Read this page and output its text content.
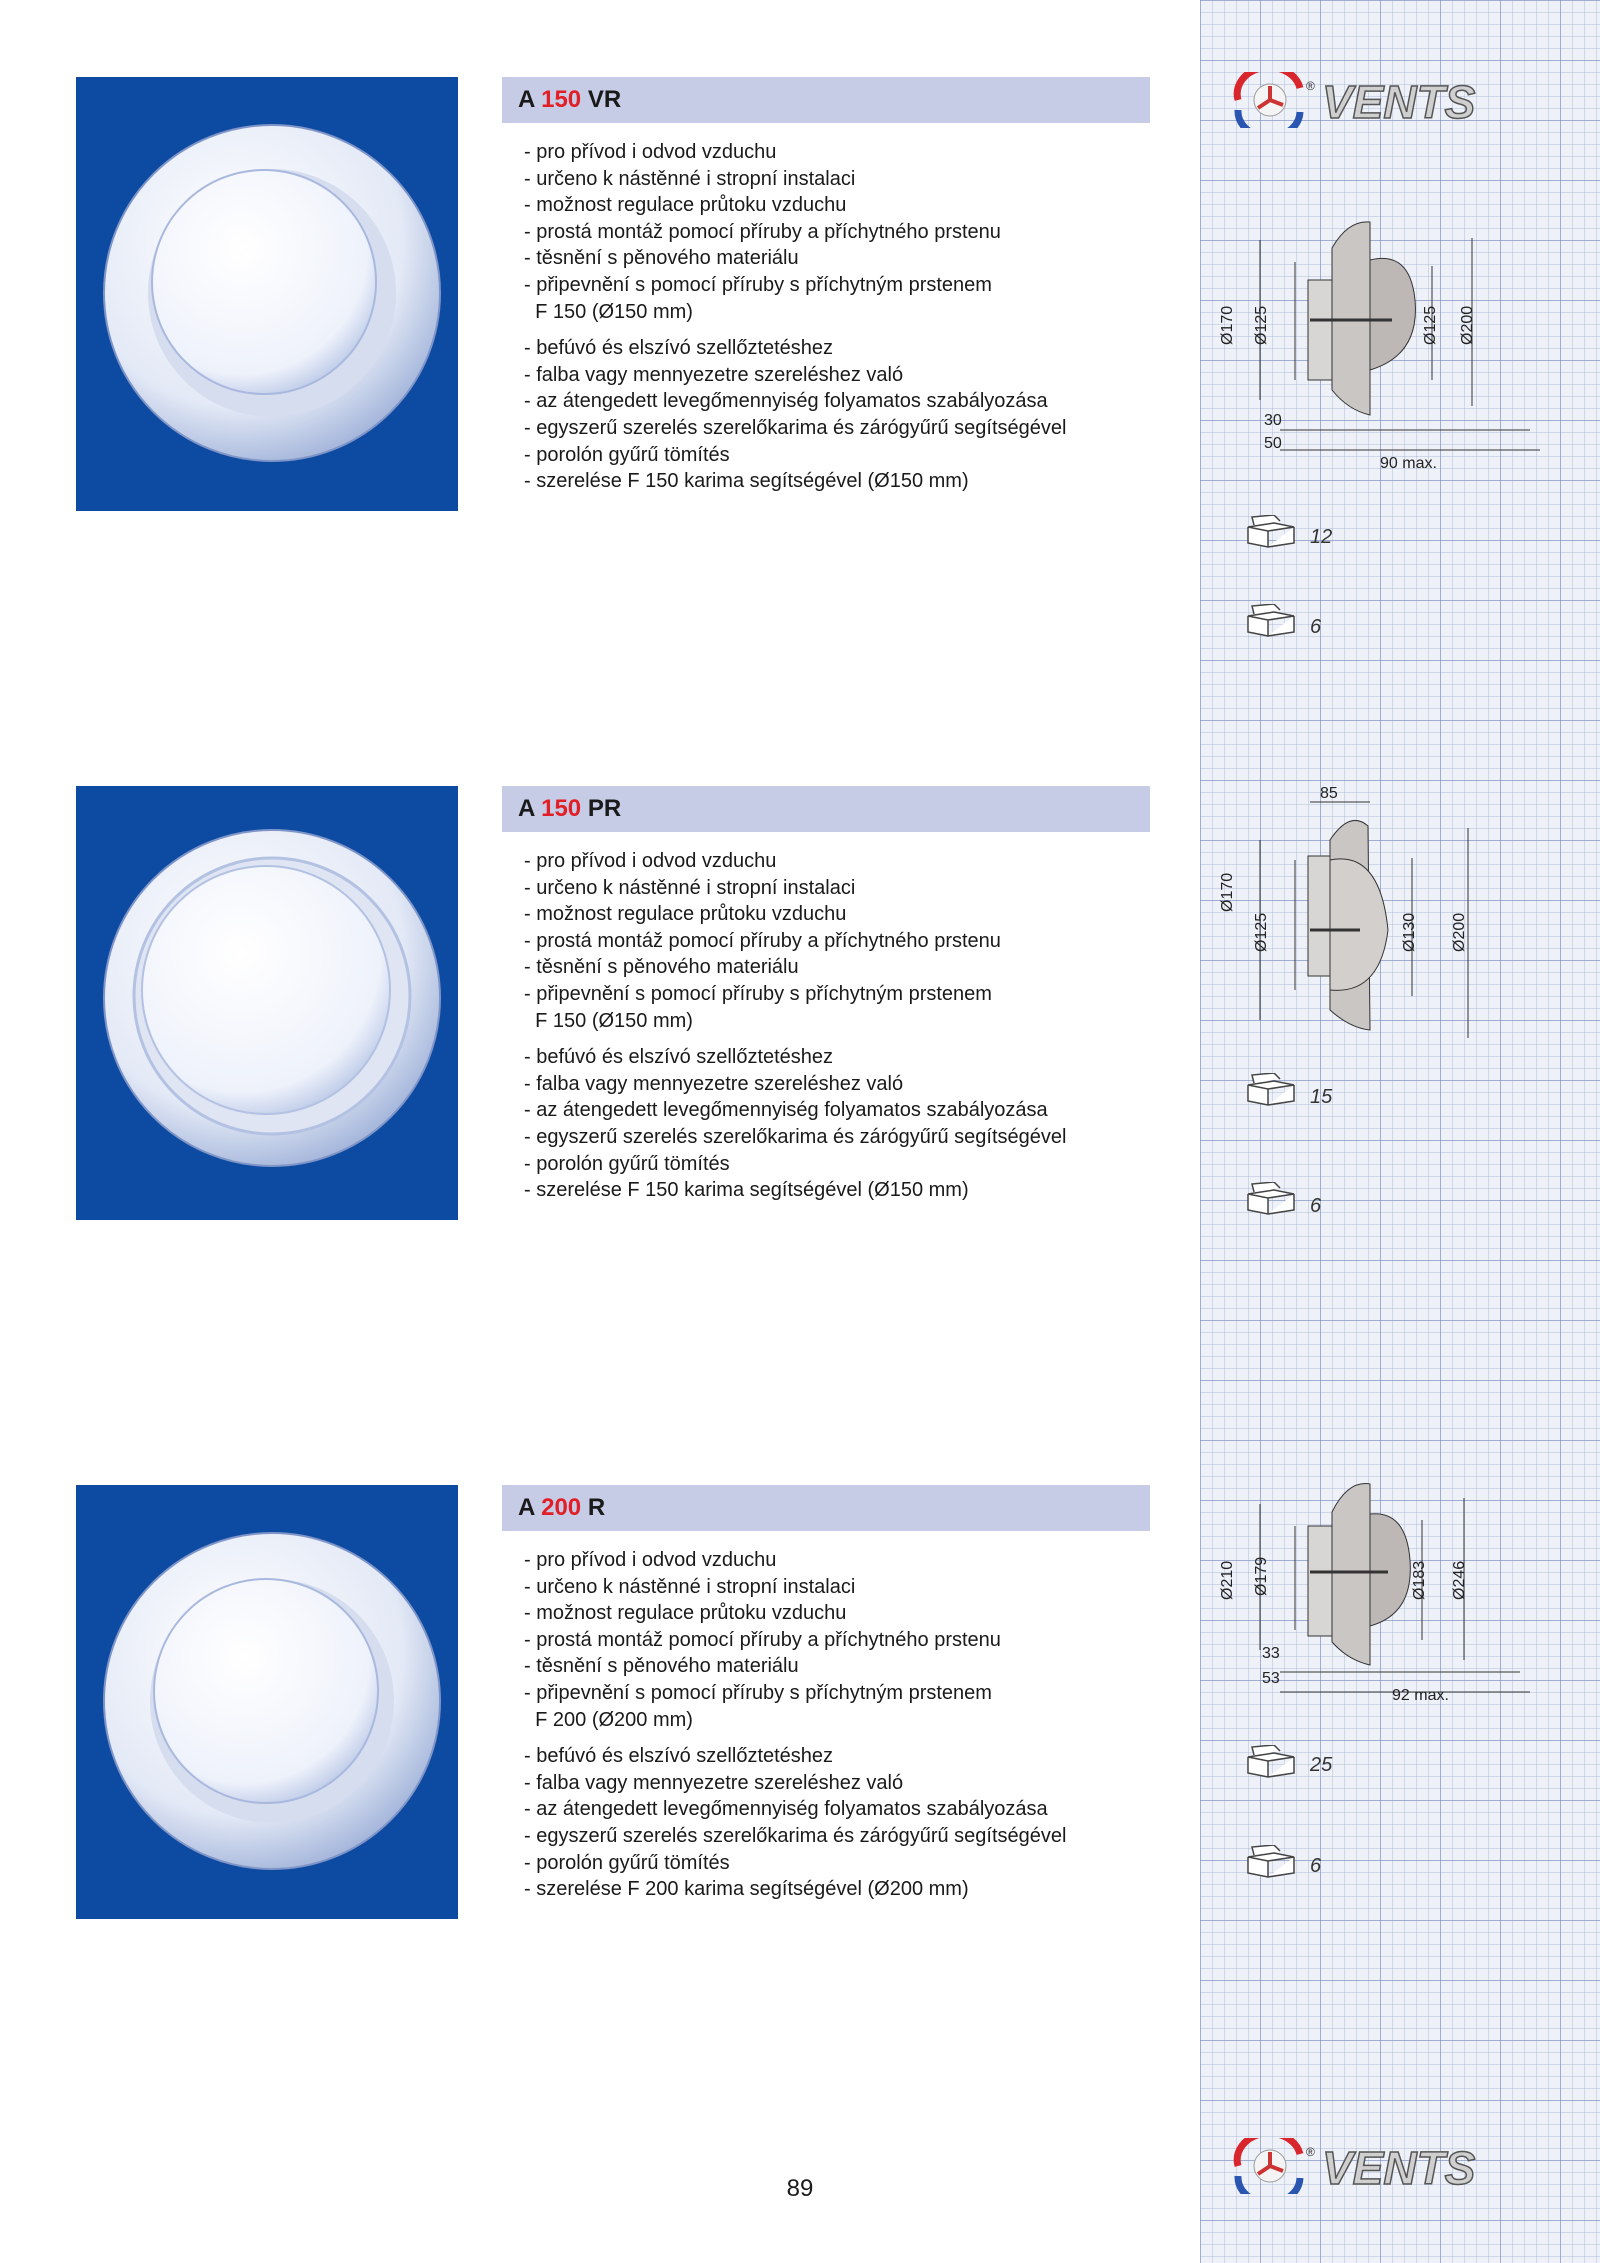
® VENTS
A 150 VR

- pro přívod i odvod vzduchu

- určeno k nástěnné i stropní instalaci

- možnost regulace průtoku vzduchu

- prostá montáž pomocí příruby a příchytného prstenu

- těsnění s pěnového materiálu

- připevnění s pomocí příruby s příchytným prstenem

F 150 (Ø150 mm)

- befúvó és elszívó szellőztetéshez

- falba vagy mennyezetre szereléshez való

- az átengedett levegőmennyiség folyamatos szabályozása

- egyszerű szerelés szerelőkarima és zárógyűrű segítségével

- porolón gyűrű tömítés

- szerelése F 150 karima segítségével (Ø150 mm)

Ø170 Ø125	Ø125 Ø200
30
50
90 max.
12
6
A 150 PR

- pro přívod i odvod vzduchu

- určeno k nástěnné i stropní instalaci

- možnost regulace průtoku vzduchu

- prostá montáž pomocí příruby a příchytného prstenu

- těsnění s pěnového materiálu

- připevnění s pomocí příruby s příchytným prstenem

F 150 (Ø150 mm)

- befúvó és elszívó szellőztetéshez

- falba vagy mennyezetre szereléshez való

- az átengedett levegőmennyiség folyamatos szabályozása

- egyszerű szerelés szerelőkarima és zárógyűrű segítségével

- porolón gyűrű tömítés

- szerelése F 150 karima segítségével (Ø150 mm)

85
Ø170
Ø125	Ø130 Ø200
15
6
A 200 R

- pro přívod i odvod vzduchu

- určeno k nástěnné i stropní instalaci

- možnost regulace průtoku vzduchu

- prostá montáž pomocí příruby a příchytného prstenu

- těsnění s pěnového materiálu

- připevnění s pomocí příruby s příchytným prstenem

F 200 (Ø200 mm)

- befúvó és elszívó szellőztetéshez

- falba vagy mennyezetre szereléshez való

- az átengedett levegőmennyiség folyamatos szabályozása

- egyszerű szerelés szerelőkarima és zárógyűrű segítségével

- porolón gyűrű tömítés

- szerelése F 200 karima segítségével (Ø200 mm)

Ø210 Ø179	Ø183 Ø246
33
53
92 max.
25
6
® VENTS
89
